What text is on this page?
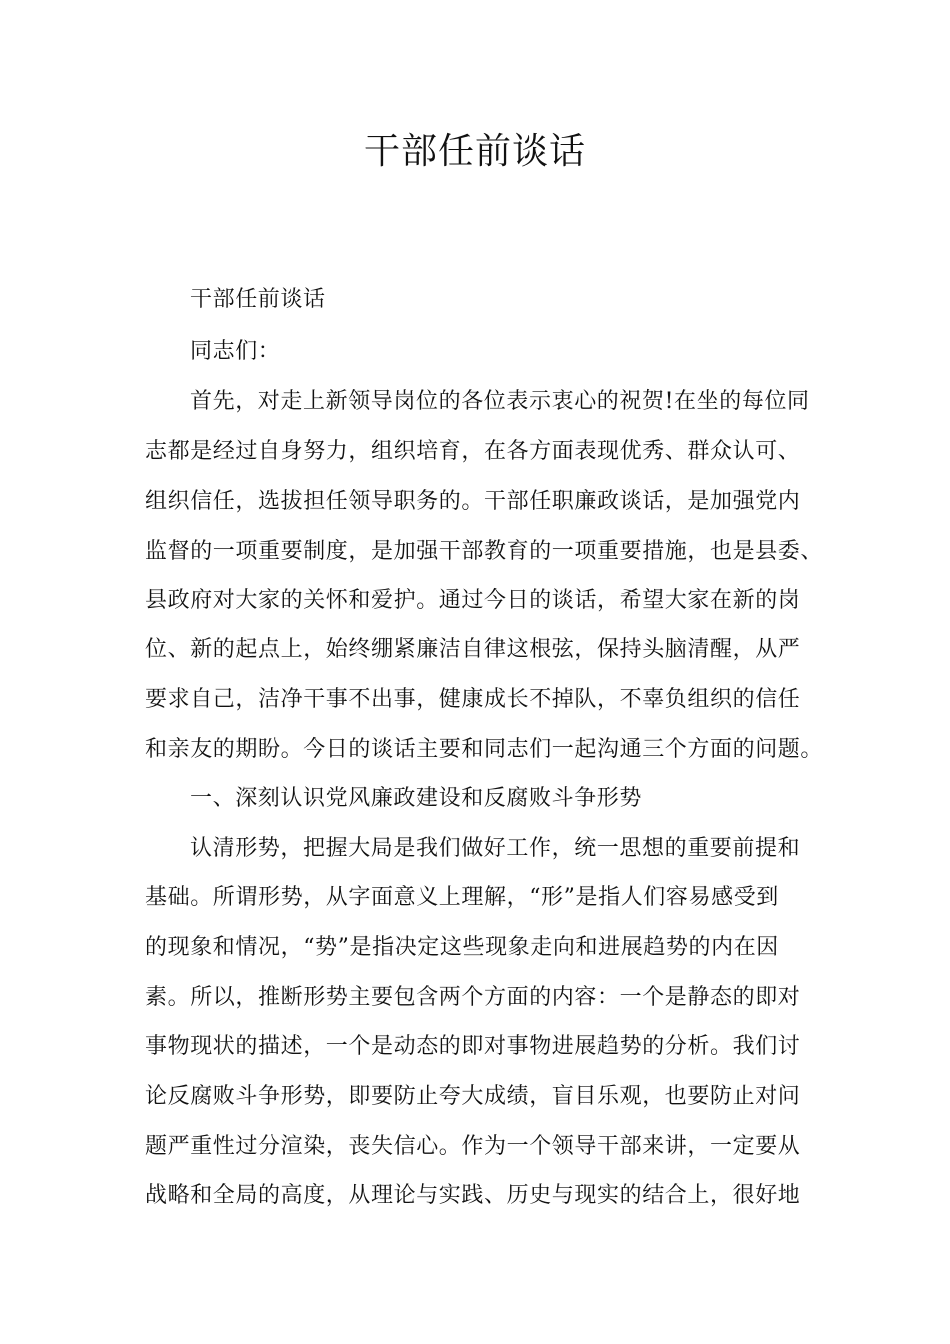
干部任前谈话
干部任前谈话
同志们：
首先，对走上新领导岗位的各位表示衷心的祝贺!在坐的每位同
志都是经过自身努力，组织培育，在各方面表现优秀、群众认可、
组织信任，选拔担任领导职务的。干部任职廉政谈话，是加强党内
监督的一项重要制度，是加强干部教育的一项重要措施，也是县委、
县政府对大家的关怀和爱护。通过今日的谈话，希望大家在新的岗
位、新的起点上，始终绷紧廉洁自律这根弦，保持头脑清醒，从严
要求自己，洁净干事不出事，健康成长不掉队，不辜负组织的信任
和亲友的期盼。今日的谈话主要和同志们一起沟通三个方面的问题。
一、深刻认识党风廉政建设和反腐败斗争形势
认清形势，把握大局是我们做好工作，统一思想的重要前提和
基础。所谓形势，从字面意义上理解，“形”是指人们容易感受到
的现象和情况，“势”是指决定这些现象走向和进展趋势的内在因
素。所以，推断形势主要包含两个方面的内容：一个是静态的即对
事物现状的描述，一个是动态的即对事物进展趋势的分析。我们讨
论反腐败斗争形势，即要防止夸大成绩，盲目乐观，也要防止对问
题严重性过分渲染，丧失信心。作为一个领导干部来讲，一定要从
战略和全局的高度，从理论与实践、历史与现实的结合上，很好地
